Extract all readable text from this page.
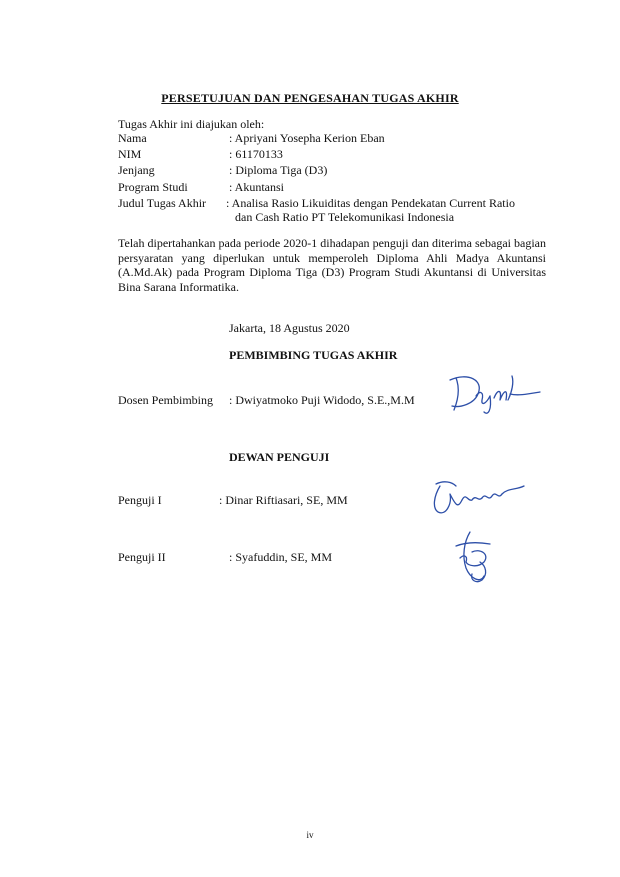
PERSETUJUAN DAN PENGESAHAN TUGAS AKHIR
Tugas Akhir ini diajukan oleh:
Nama	: Apriyani Yosepha Kerion Eban
NIM	: 61170133
Jenjang	: Diploma Tiga (D3)
Program Studi	: Akuntansi
Judul Tugas Akhir : Analisa Rasio Likuiditas dengan Pendekatan Current Ratio
dan Cash Ratio PT Telekomunikasi Indonesia
Telah dipertahankan pada periode 2020-1 dihadapan penguji dan diterima sebagai bagian persyaratan yang diperlukan untuk memperoleh Diploma Ahli Madya Akuntansi (A.Md.Ak) pada Program Diploma Tiga (D3) Program Studi Akuntansi di Universitas Bina Sarana Informatika.
Jakarta, 18 Agustus 2020
PEMBIMBING TUGAS AKHIR
Dosen Pembimbing : Dwiyatmoko Puji Widodo, S.E.,M.M
DEWAN PENGUJI
Penguji I	: Dinar Riftiasari, SE, MM
Penguji II	: Syafuddin, SE, MM
iv
